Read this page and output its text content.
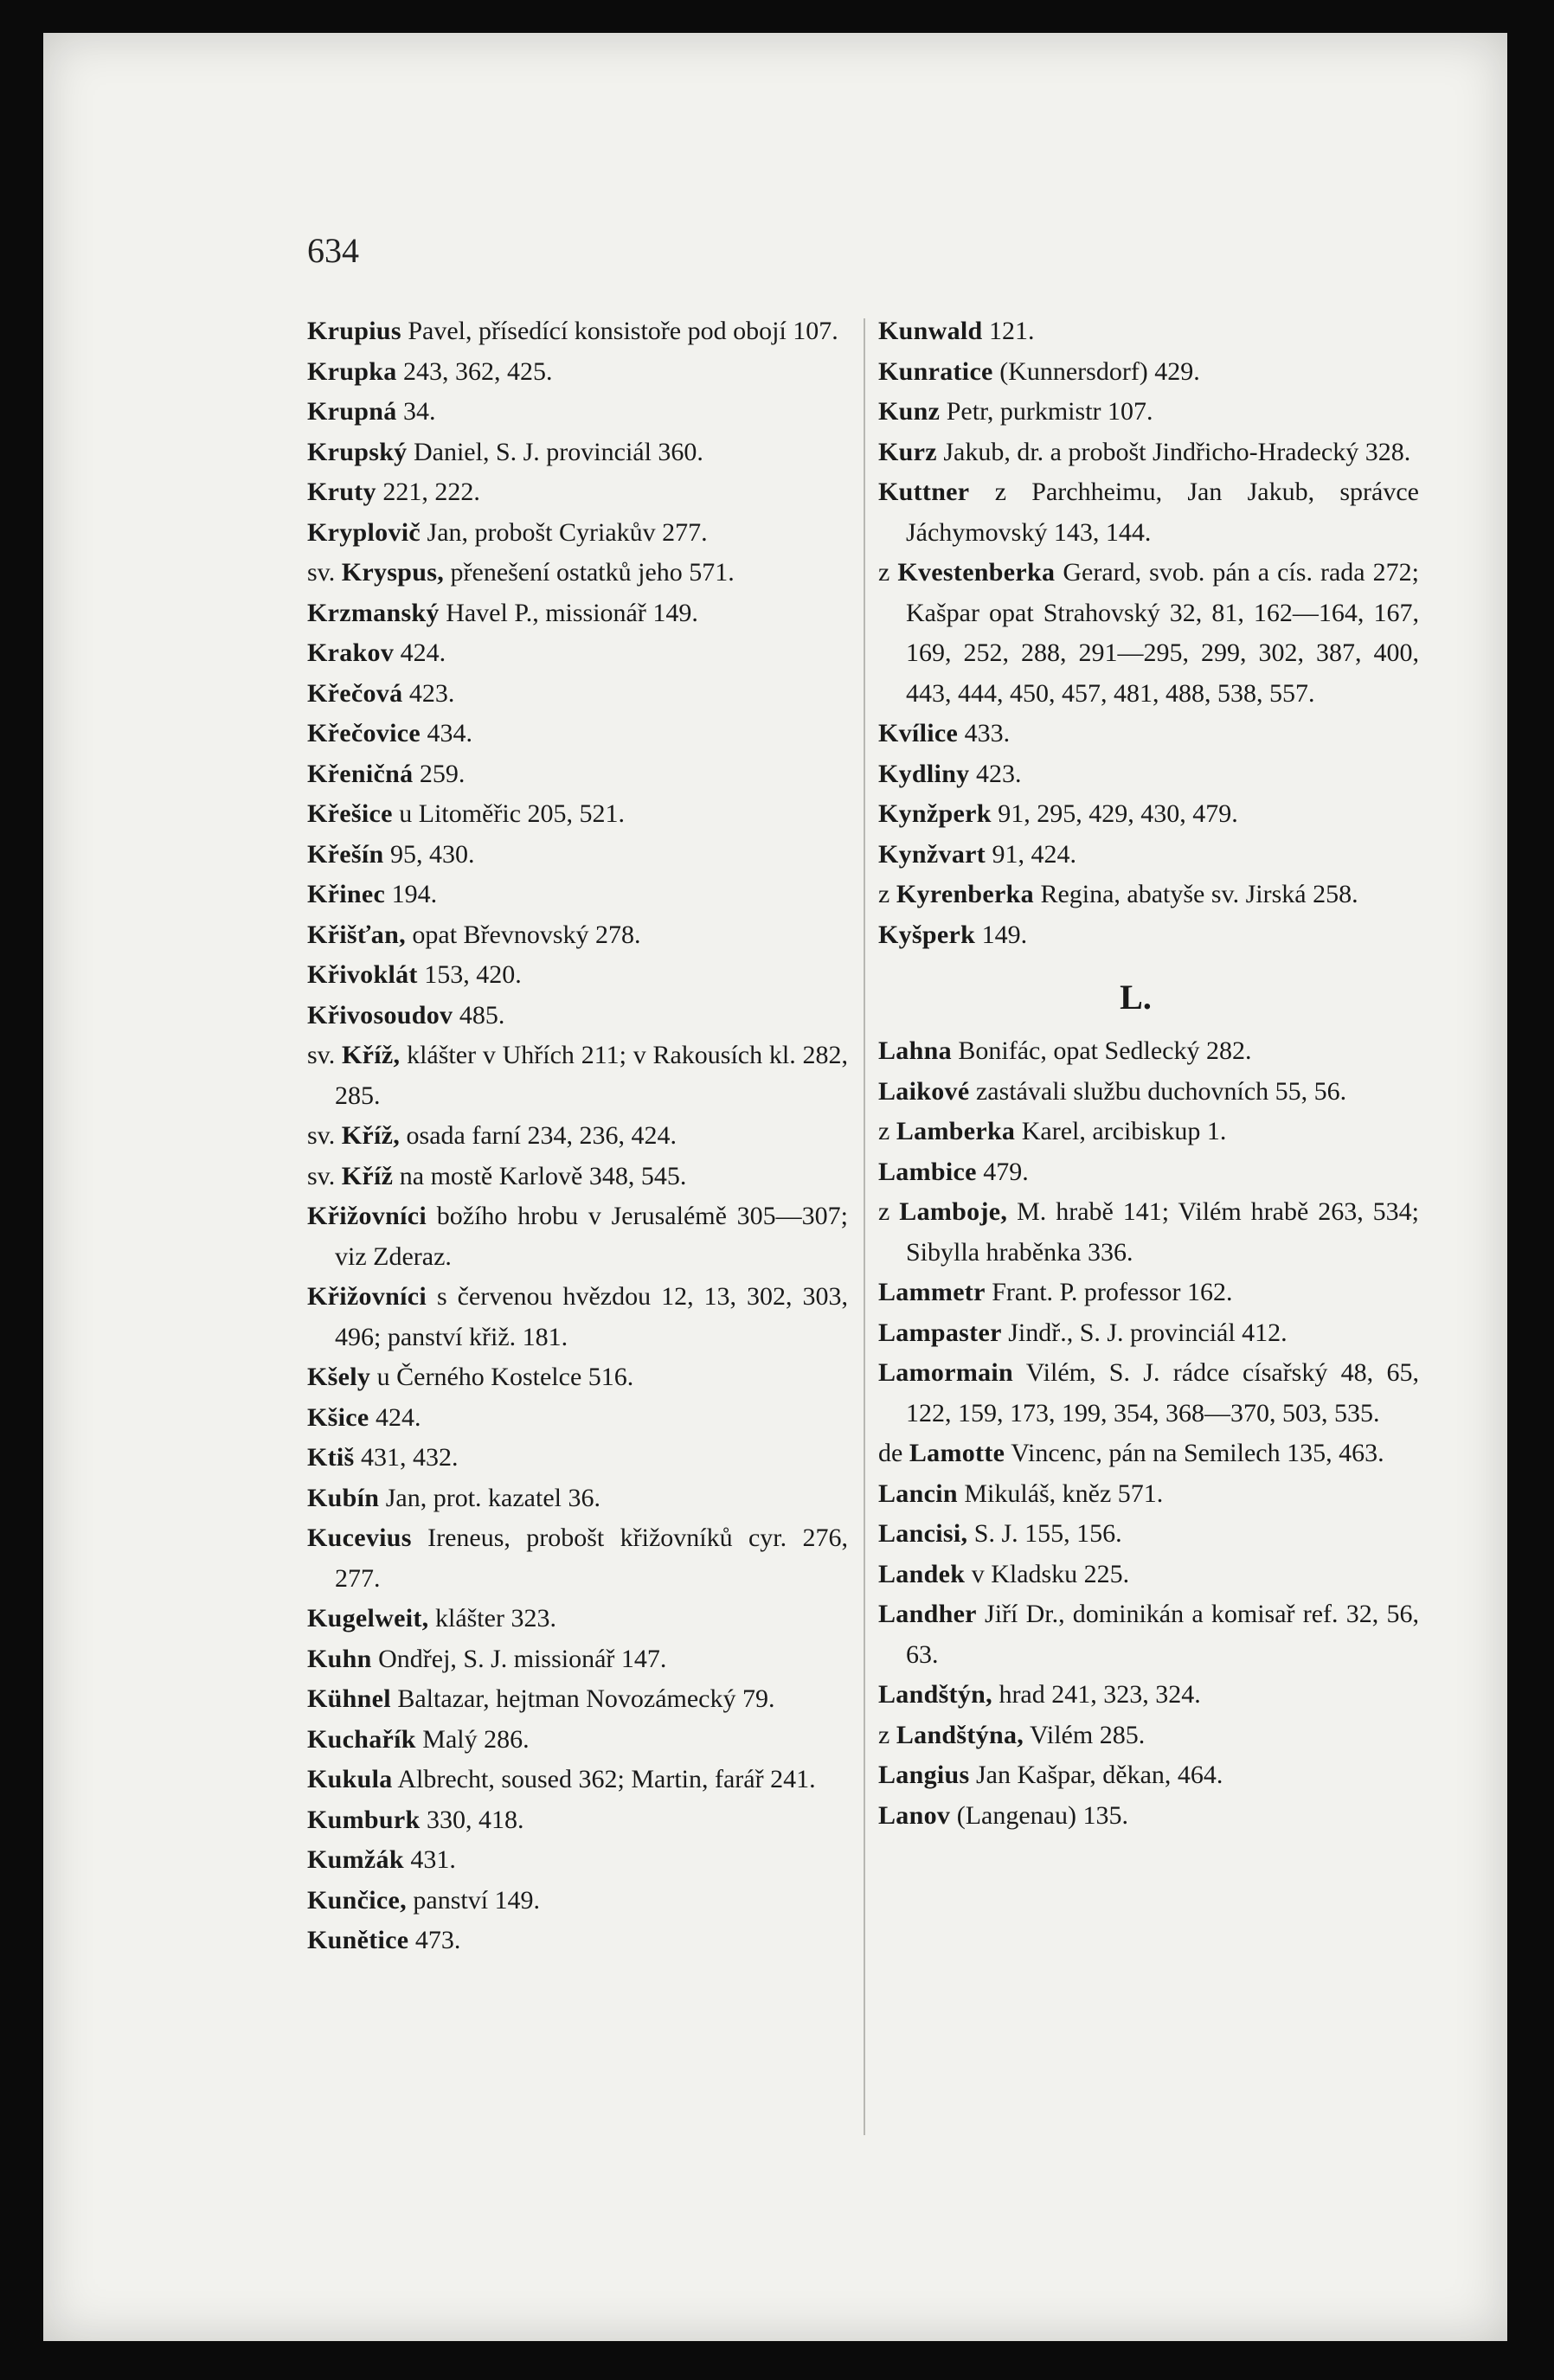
634
Krupius Pavel, přísedící konsistoře pod obojí 107.
Krupka 243, 362, 425.
Krupná 34.
Krupský Daniel, S. J. provinciál 360.
Kruty 221, 222.
Kryplovič Jan, probošt Cyriakův 277.
sv. Kryspus, přenešení ostatků jeho 571.
Krzmanský Havel P., missionář 149.
Krakov 424.
Křečová 423.
Křečovice 434.
Křeničná 259.
Křešice u Litoměřic 205, 521.
Křešín 95, 430.
Křinec 194.
Křišťan, opat Břevnovský 278.
Křivoklát 153, 420.
Křivosoudov 485.
sv. Kříž, klášter v Uhřích 211; v Rakousích kl. 282, 285.
sv. Kříž, osada farní 234, 236, 424.
sv. Kříž na mostě Karlově 348, 545.
Křižovníci božího hrobu v Jerusalémě 305—307; viz Zderaz.
Křižovníci s červenou hvězdou 12, 13, 302, 303, 496; panství křiž. 181.
Kšely u Černého Kostelce 516.
Kšice 424.
Ktiš 431, 432.
Kubín Jan, prot. kazatel 36.
Kucevius Ireneus, probošt křižovníků cyr. 276, 277.
Kugelweit, klášter 323.
Kuhn Ondřej, S. J. missionář 147.
Kühnel Baltazar, hejtman Novozámecký 79.
Kuchařík Malý 286.
Kukula Albrecht, soused 362; Martin, farář 241.
Kumburk 330, 418.
Kumžák 431.
Kunčice, panství 149.
Kunětice 473.
Kunwald 121.
Kunratice (Kunnersdorf) 429.
Kunz Petr, purkmistr 107.
Kurz Jakub, dr. a probošt Jindřicho-Hradecký 328.
Kuttner z Parchheimu, Jan Jakub, správce Jáchymovský 143, 144.
z Kvestenberka Gerard, svob. pán a cís. rada 272; Kašpar opat Strahovský 32, 81, 162—164, 167, 169, 252, 288, 291—295, 299, 302, 387, 400, 443, 444, 450, 457, 481, 488, 538, 557.
Kvílice 433.
Kydliny 423.
Kynžperk 91, 295, 429, 430, 479.
Kynžvart 91, 424.
z Kyrenberka Regina, abatyše sv. Jirská 258.
Kyšperk 149.
L.
Lahna Bonifác, opat Sedlecký 282.
Laikové zastávali službu duchovních 55, 56.
z Lamberka Karel, arcibiskup 1.
Lambice 479.
z Lamboje, M. hrabě 141; Vilém hrabě 263, 534; Sibylla hraběnka 336.
Lammetr Frant. P. professor 162.
Lampaster Jindř., S. J. provinciál 412.
Lamormain Vilém, S. J. rádce císařský 48, 65, 122, 159, 173, 199, 354, 368—370, 503, 535.
de Lamotte Vincenc, pán na Semilech 135, 463.
Lancin Mikuláš, kněz 571.
Lancisi, S. J. 155, 156.
Landek v Kladsku 225.
Landher Jiří Dr., dominikán a komisař ref. 32, 56, 63.
Landštýn, hrad 241, 323, 324.
z Landštýna, Vilém 285.
Langius Jan Kašpar, děkan, 464.
Lanov (Langenau) 135.
